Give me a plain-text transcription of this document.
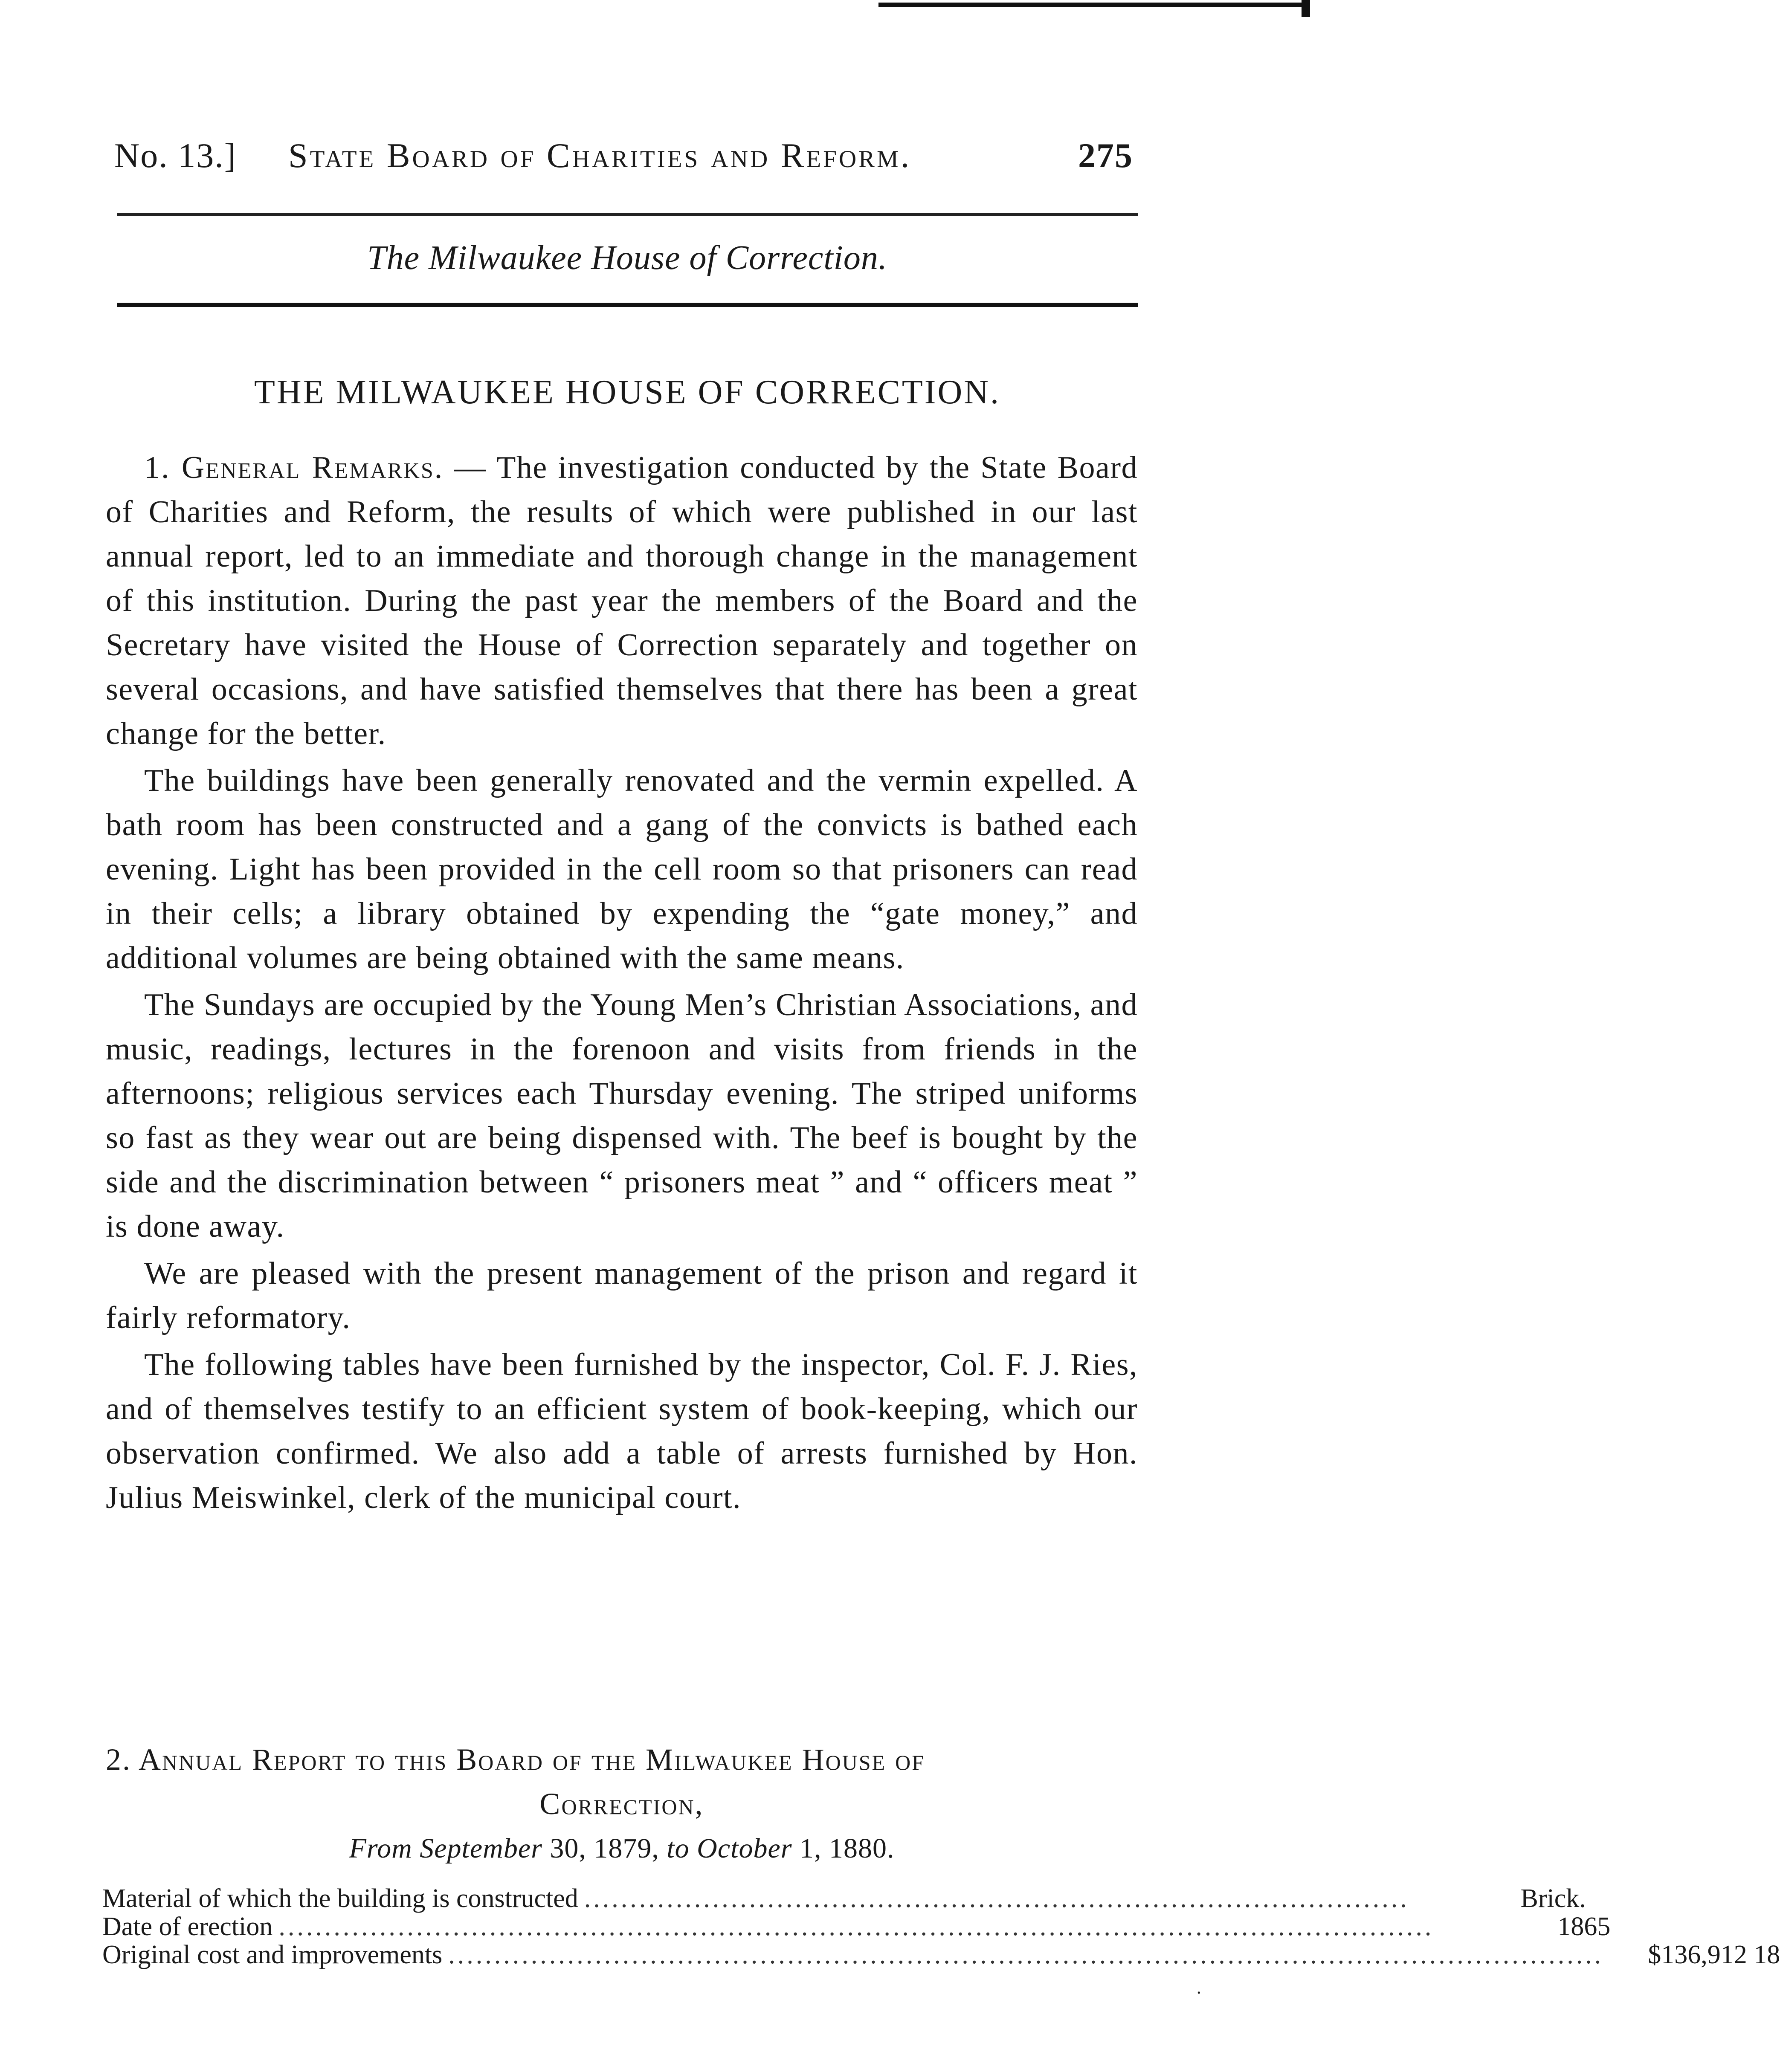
No. 13.] State Board of Charities and Reform.	275
The Milwaukee House of Correction.
THE MILWAUKEE HOUSE OF CORRECTION.

1. General Remarks. — The investigation conducted by the State Board of Charities and Reform, the results of which were published in our last annual report, led to an immediate and thorough change in the management of this institution. During the past year the members of the Board and the Secretary have visited the House of Correction separately and together on several occasions, and have satisfied themselves that there has been a great change for the better.

The buildings have been generally renovated and the vermin expelled. A bath room has been constructed and a gang of the convicts is bathed each evening. Light has been provided in the cell room so that prisoners can read in their cells; a library obtained by expending the “gate money,” and additional volumes are being obtained with the same means.

The Sundays are occupied by the Young Men’s Christian Associations, and music, readings, lectures in the forenoon and visits from friends in the afternoons; religious services each Thursday evening. The striped uniforms so fast as they wear out are being dispensed with. The beef is bought by the side and the discrimination between “ prisoners meat ” and “ officers meat ” is done away.

We are pleased with the present management of the prison and regard it fairly reformatory.

The following tables have been furnished by the inspector, Col. F. J. Ries, and of themselves testify to an efficient system of book-keeping, which our observation confirmed. We also add a table of arrests furnished by Hon. Julius Meiswinkel, clerk of the municipal court.

2. Annual Report to this Board of the Milwaukee House of
Correction,
From September 30, 1879, to October 1, 1880.
Material of which the building is constructed ..........................................................................................	Brick.
Date of erection ..............................................................................................................................	1865
Original cost and improvements ..............................................................................................................................	$136,912 18
.
